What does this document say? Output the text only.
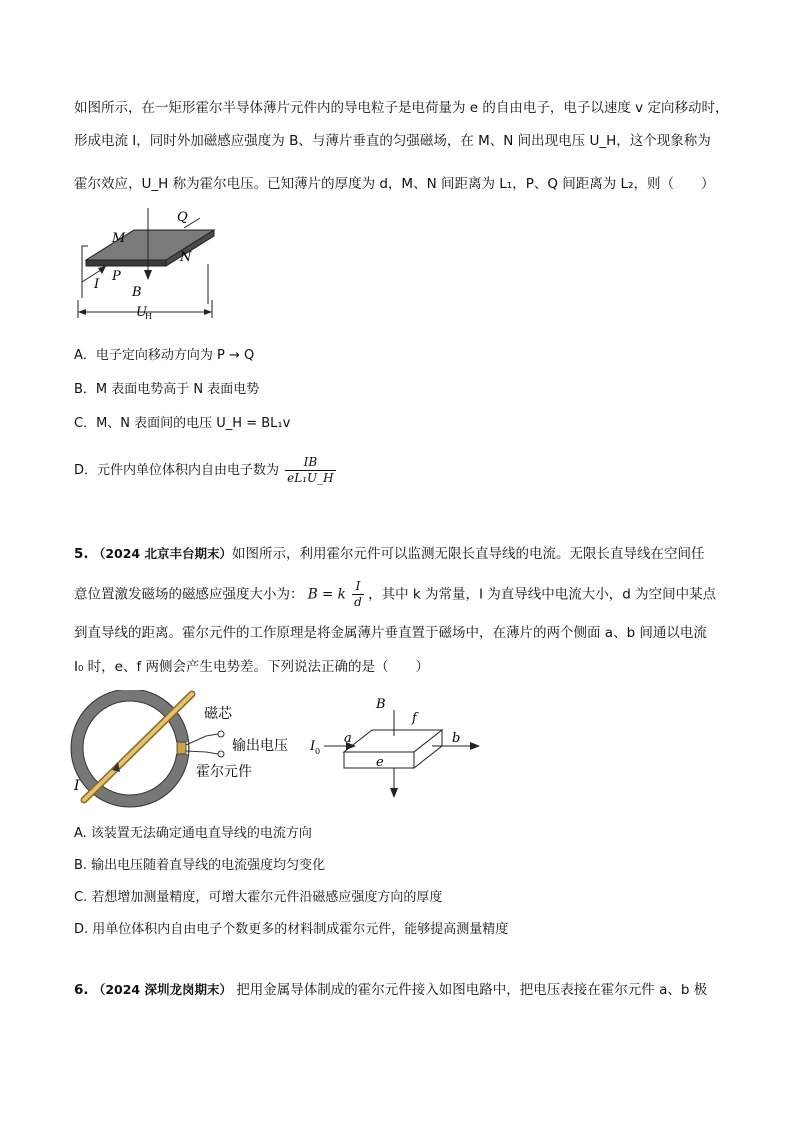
如图所示，在一矩形霍尔半导体薄片元件内的导电粒子是电荷量为 e 的自由电子，电子以速度 v 定向移动时，
形成电流 I，同时外加磁感应强度为 B、与薄片垂直的匀强磁场，在 M、N 间出现电压 U_H，这个现象称为
霍尔效应，U_H 称为霍尔电压。已知薄片的厚度为 d，M、N 间距离为 L₁，P、Q 间距离为 L₂，则（　　）
Q
M
N
P
I
B
U
H
A．电子定向移动方向为 P → Q
B．M 表面电势高于 N 表面电势
C．M、N 表面间的电压 U_H = BL₁v
D．元件内单位体积内自由电子数为 $\frac{IB}{\text{eL₁U\_H}}$
5. （2024 北京丰台期末）如图所示，利用霍尔元件可以监测无限长直导线的电流。无限长直导线在空间任
意位置激发磁场的磁感应强度大小为： B = k $\frac{I}{d}$ ，其中 k 为常量，I 为直导线中电流大小，d 为空间中某点
到直导线的距离。霍尔元件的工作原理是将金属薄片垂直置于磁场中，在薄片的两个侧面 a、b 间通以电流
I₀ 时，e、f 两侧会产生电势差。下列说法正确的是（　　）
磁芯
输出电压
霍尔元件
I
B
f
a	b
e
I 0
A. 该装置无法确定通电直导线的电流方向
B. 输出电压随着直导线的电流强度均匀变化
C. 若想增加测量精度，可增大霍尔元件沿磁感应强度方向的厚度
D. 用单位体积内自由电子个数更多的材料制成霍尔元件，能够提高测量精度
6. （2024 深圳龙岗期末） 把用金属导体制成的霍尔元件接入如图电路中，把电压表接在霍尔元件 a、b 极
